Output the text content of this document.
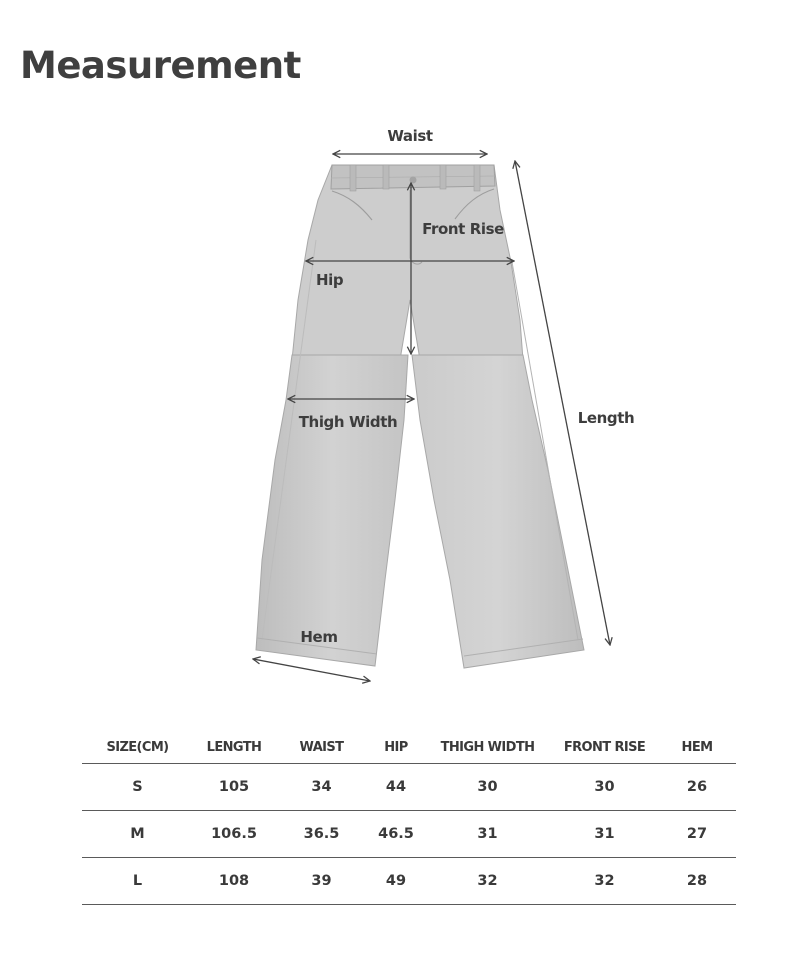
Measurement
Waist
Front Rise
Hip
Thigh Width	Length
Hem
SIZE(CM)	LENGTH	WAIST	HIP	THIGH WIDTH	FRONT RISE	HEM
S	105	34	44	30	30	26
M	106.5	36.5	46.5	31	31	27
L	108	39	49	32	32	28
